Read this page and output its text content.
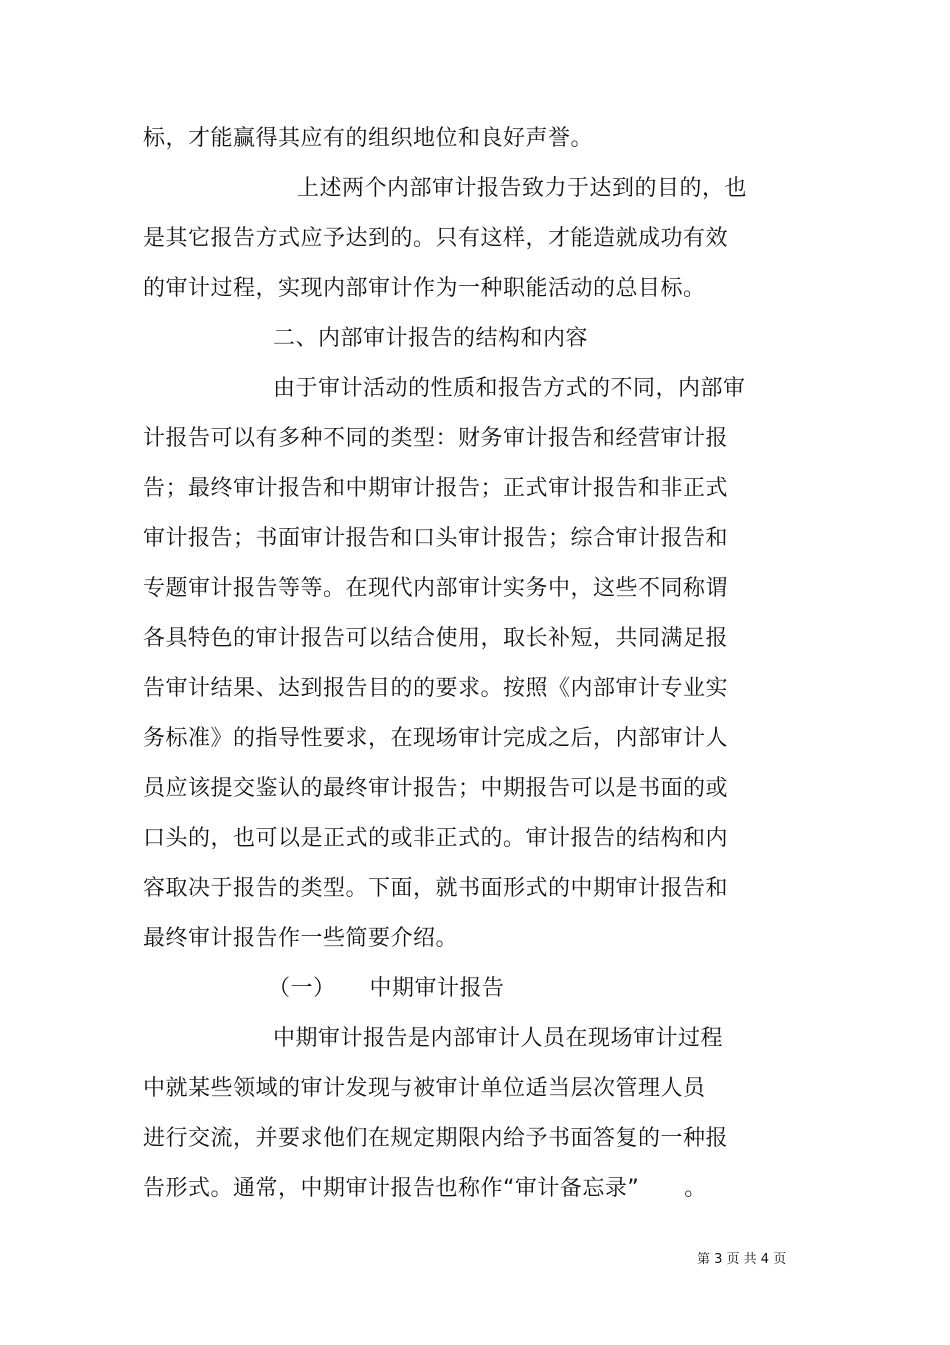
标，才能赢得其应有的组织地位和良好声誉。
上述两个内部审计报告致力于达到的目的，也
是其它报告方式应予达到的。只有这样，才能造就成功有效
的审计过程，实现内部审计作为一种职能活动的总目标。
二、内部审计报告的结构和内容
由于审计活动的性质和报告方式的不同，内部审
计报告可以有多种不同的类型：财务审计报告和经营审计报
告；最终审计报告和中期审计报告；正式审计报告和非正式
审计报告；书面审计报告和口头审计报告；综合审计报告和
专题审计报告等等。在现代内部审计实务中，这些不同称谓
各具特色的审计报告可以结合使用，取长补短，共同满足报
告审计结果、达到报告目的的要求。按照《内部审计专业实
务标准》的指导性要求，在现场审计完成之后，内部审计人
员应该提交鉴认的最终审计报告；中期报告可以是书面的或
口头的，也可以是正式的或非正式的。审计报告的结构和内
容取决于报告的类型。下面，就书面形式的中期审计报告和
最终审计报告作一些简要介绍。
（一）　　中期审计报告
中期审计报告是内部审计人员在现场审计过程
中就某些领域的审计发现与被审计单位适当层次管理人员
进行交流，并要求他们在规定期限内给予书面答复的一种报
告形式。通常，中期审计报告也称作“审计备忘录”　　。
第 3 页 共 4 页
